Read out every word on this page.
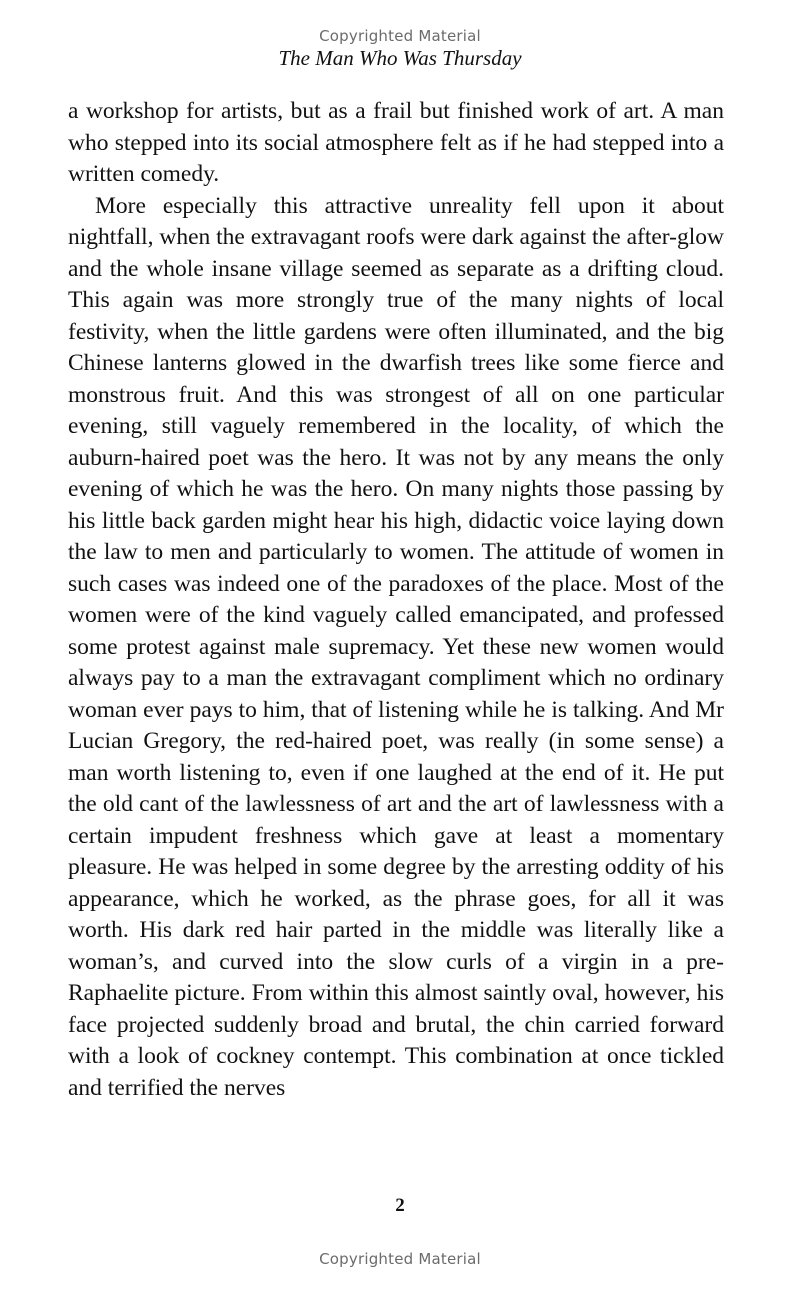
Copyrighted Material
The Man Who Was Thursday

a workshop for artists, but as a frail but finished work of art. A man who stepped into its social atmosphere felt as if he had stepped into a written comedy.

More especially this attractive unreality fell upon it about nightfall, when the extravagant roofs were dark against the after-glow and the whole insane village seemed as separate as a drifting cloud. This again was more strongly true of the many nights of local festivity, when the little gardens were often illuminated, and the big Chinese lanterns glowed in the dwarfish trees like some fierce and monstrous fruit. And this was strongest of all on one particular evening, still vaguely remembered in the locality, of which the auburn-haired poet was the hero. It was not by any means the only evening of which he was the hero. On many nights those passing by his little back garden might hear his high, didactic voice laying down the law to men and particularly to women. The attitude of women in such cases was indeed one of the paradoxes of the place. Most of the women were of the kind vaguely called emancipated, and professed some protest against male supremacy. Yet these new women would always pay to a man the extravagant compliment which no ordinary woman ever pays to him, that of listening while he is talking. And Mr Lucian Gregory, the red-haired poet, was really (in some sense) a man worth listening to, even if one laughed at the end of it. He put the old cant of the lawlessness of art and the art of lawlessness with a certain impudent freshness which gave at least a momentary pleasure. He was helped in some degree by the arresting oddity of his appearance, which he worked, as the phrase goes, for all it was worth. His dark red hair parted in the middle was literally like a woman’s, and curved into the slow curls of a virgin in a pre-Raphaelite picture. From within this almost saintly oval, however, his face projected suddenly broad and brutal, the chin carried forward with a look of cockney contempt. This combination at once tickled and terrified the nerves

2
Copyrighted Material
